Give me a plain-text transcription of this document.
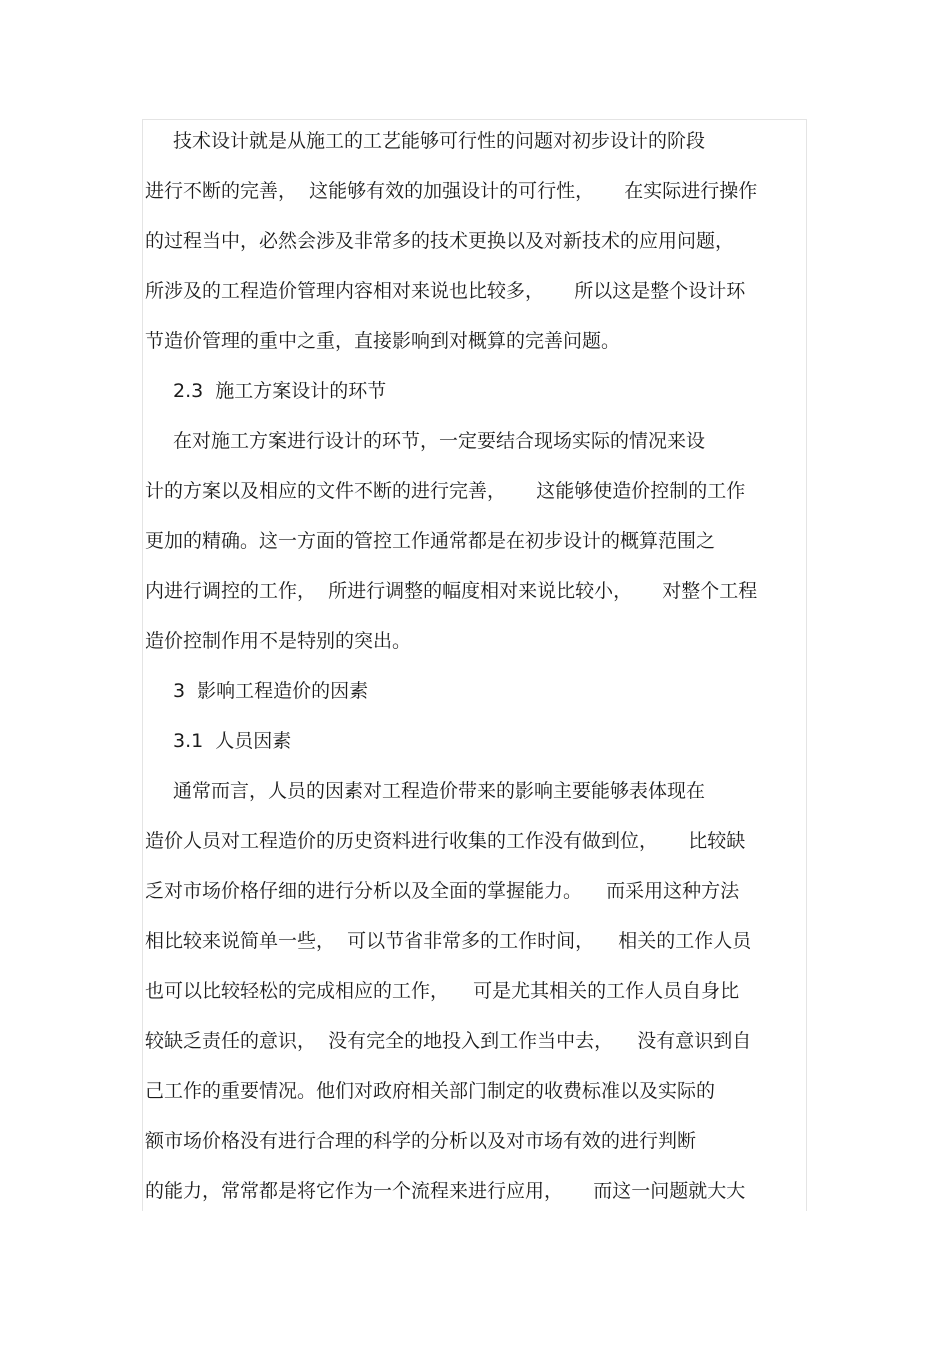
技术设计就是从施工的工艺能够可行性的问题对初步设计的阶段
进行不断的完善，  这能够有效的加强设计的可行性，     在实际进行操作
的过程当中，必然会涉及非常多的技术更换以及对新技术的应用问题，
所涉及的工程造价管理内容相对来说也比较多，     所以这是整个设计环
节造价管理的重中之重，直接影响到对概算的完善问题。
2.3  施工方案设计的环节
在对施工方案进行设计的环节，一定要结合现场实际的情况来设
计的方案以及相应的文件不断的进行完善，     这能够使造价控制的工作
更加的精确。这一方面的管控工作通常都是在初步设计的概算范围之
内进行调控的工作，  所进行调整的幅度相对来说比较小，     对整个工程
造价控制作用不是特别的突出。
3  影响工程造价的因素
3.1  人员因素
通常而言，人员的因素对工程造价带来的影响主要能够表体现在
造价人员对工程造价的历史资料进行收集的工作没有做到位，     比较缺
乏对市场价格仔细的进行分析以及全面的掌握能力。    而采用这种方法
相比较来说简单一些，  可以节省非常多的工作时间，    相关的工作人员
也可以比较轻松的完成相应的工作，    可是尤其相关的工作人员自身比
较缺乏责任的意识，  没有完全的地投入到工作当中去，    没有意识到自
己工作的重要情况。他们对政府相关部门制定的收费标准以及实际的
额市场价格没有进行合理的科学的分析以及对市场有效的进行判断
的能力，常常都是将它作为一个流程来进行应用，     而这一问题就大大
